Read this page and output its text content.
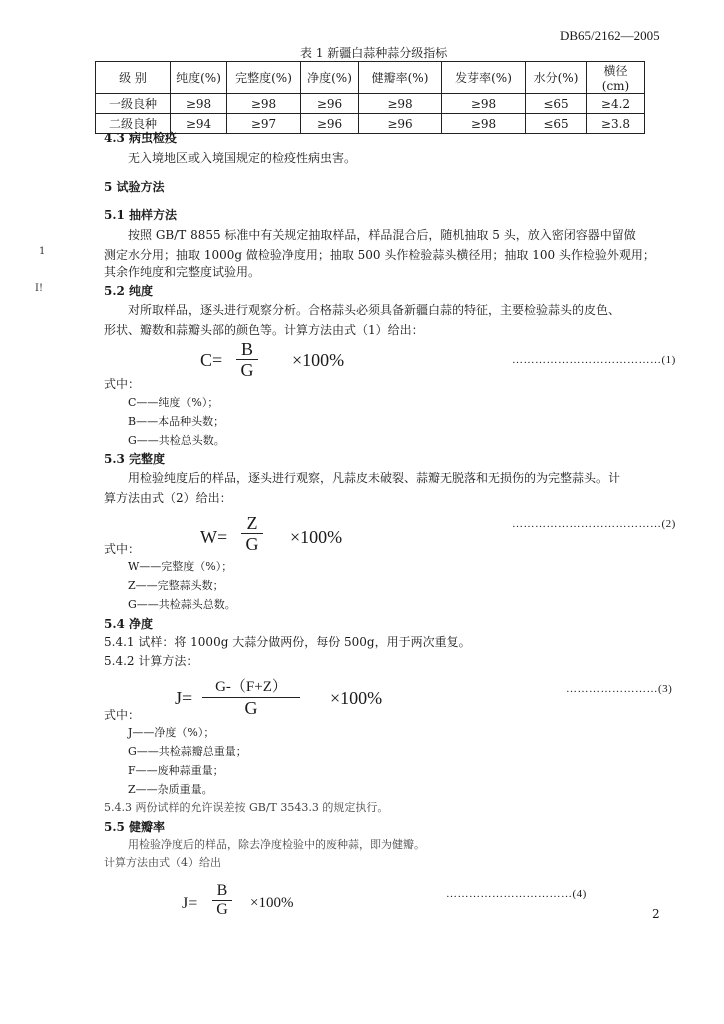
DB65/2162—2005
表 1 新疆白蒜种蒜分级指标
级 别	纯度(%)	完整度(%)	净度(%)	健瓣率(%)	发芽率(%)	水分(%)	横径(cm)
一级良种	≥98	≥98	≥96	≥98	≥98	≤65	≥4.2
二级良种	≥94	≥97	≥96	≥96	≥98	≤65	≥3.8
4.3 病虫检疫
无入境地区或入境国规定的检疫性病虫害。
5 试验方法
5.1 抽样方法
按照 GB/T 8855 标准中有关规定抽取样品，样品混合后，随机抽取 5 头，放入密闭容器中留做
测定水分用；抽取 1000g 做检验净度用；抽取 500 头作检验蒜头横径用；抽取 100 头作检验外观用；
其余作纯度和完整度试验用。
5.2 纯度
对所取样品，逐头进行观察分析。合格蒜头必须具备新疆白蒜的特征，主要检验蒜头的皮色、
形状、瓣数和蒜瓣头部的颜色等。计算方法由式（1）给出：
C=
B
G ×100%	…………………………………(1)
式中：
C——纯度（%）；
B——本品种头数；
G——共检总头数。
5.3 完整度
用检验纯度后的样品，逐头进行观察，凡蒜皮未破裂、蒜瓣无脱落和无损伤的为完整蒜头。计
算方法由式（2）给出：
W=
Z
G ×100%
…………………………………(2)
式中：
W——完整度（%）；
Z——完整蒜头数；
G——共检蒜头总数。
5.4 净度
5.4.1 试样：将 1000g 大蒜分做两份，每份 500g，用于两次重复。
5.4.2 计算方法：
J=
G-（F+Z）
G	×100%	……………………(3)
式中：
J——净度（%）；
G——共检蒜瓣总重量；
F——废种蒜重量；
Z——杂质重量。
5.4.3 两份试样的允许误差按 GB/T 3543.3 的规定执行。
5.5 健瓣率
用检验净度后的样品，除去净度检验中的废种蒜，即为健瓣。
计算方法由式（4）给出
J=
B
G ×100%
……………………………(4)
2
1
I!
